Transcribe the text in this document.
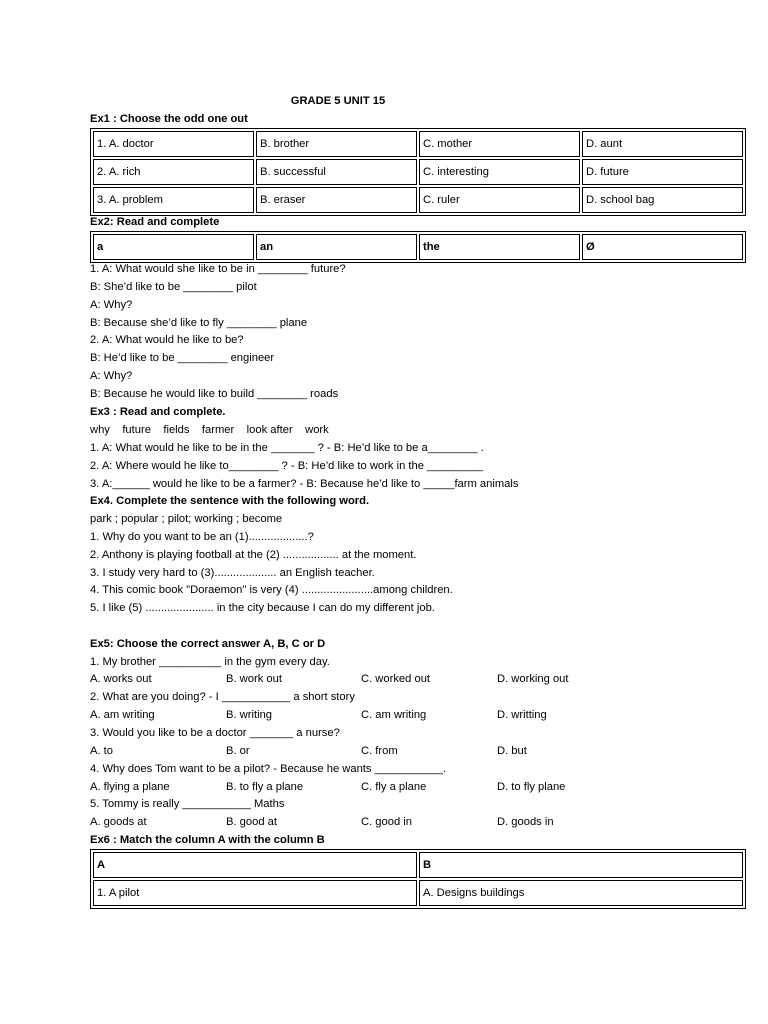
GRADE 5 UNIT 15
Ex1 : Choose the odd one out
1. A. doctor	B. brother	C. mother	D. aunt
2. A. rich	B. successful	C. interesting	D. future
3. A. problem	B. eraser	C. ruler	D. school bag
Ex2: Read and complete
a	an	the	Ø
1. A: What would she like to be in ________ future?
B: She’d like to be ________ pilot
A: Why?
B: Because she’d like to fly ________ plane
2. A: What would he like to be?
B: He’d like to be ________ engineer
A: Why?
B: Because he would like to build ________ roads
Ex3 : Read and complete.
why    future    fields    farmer    look after    work
1. A: What would he like to be in the _______ ? - B: He’d like to be a________ .
2. A: Where would he like to________ ? - B: He’d like to work in the _________
3. A:______ would he like to be a farmer? - B: Because he’d like to _____farm animals
Ex4. Complete the sentence with the following word.
park ; popular ; pilot; working ; become
1. Why do you want to be an (1)...................?
2. Anthony is playing football at the (2) .................. at the moment.
3. I study very hard to (3).................... an English teacher.
4. This comic book "Doraemon" is very (4) .......................among children.
5. I like (5) ...................... in the city because I can do my different job.
Ex5: Choose the correct answer A, B, C or D
1. My brother __________ in the gym every day.
A. works out	B. work out	C. worked out	D. working out
2. What are you doing? - I ___________ a short story
A. am writing	B. writing	C. am writing	D. writting
3. Would you like to be a doctor _______ a nurse?
A. to	B. or	C. from	D. but
4. Why does Tom want to be a pilot? - Because he wants ___________.
A. flying a plane	B. to fly a plane	C. fly a plane	D. to fly plane
5. Tommy is really ___________ Maths
A. goods at	B. good at	C. good in	D. goods in
Ex6 : Match the column A with the column B
A	B
1. A pilot	A. Designs buildings
